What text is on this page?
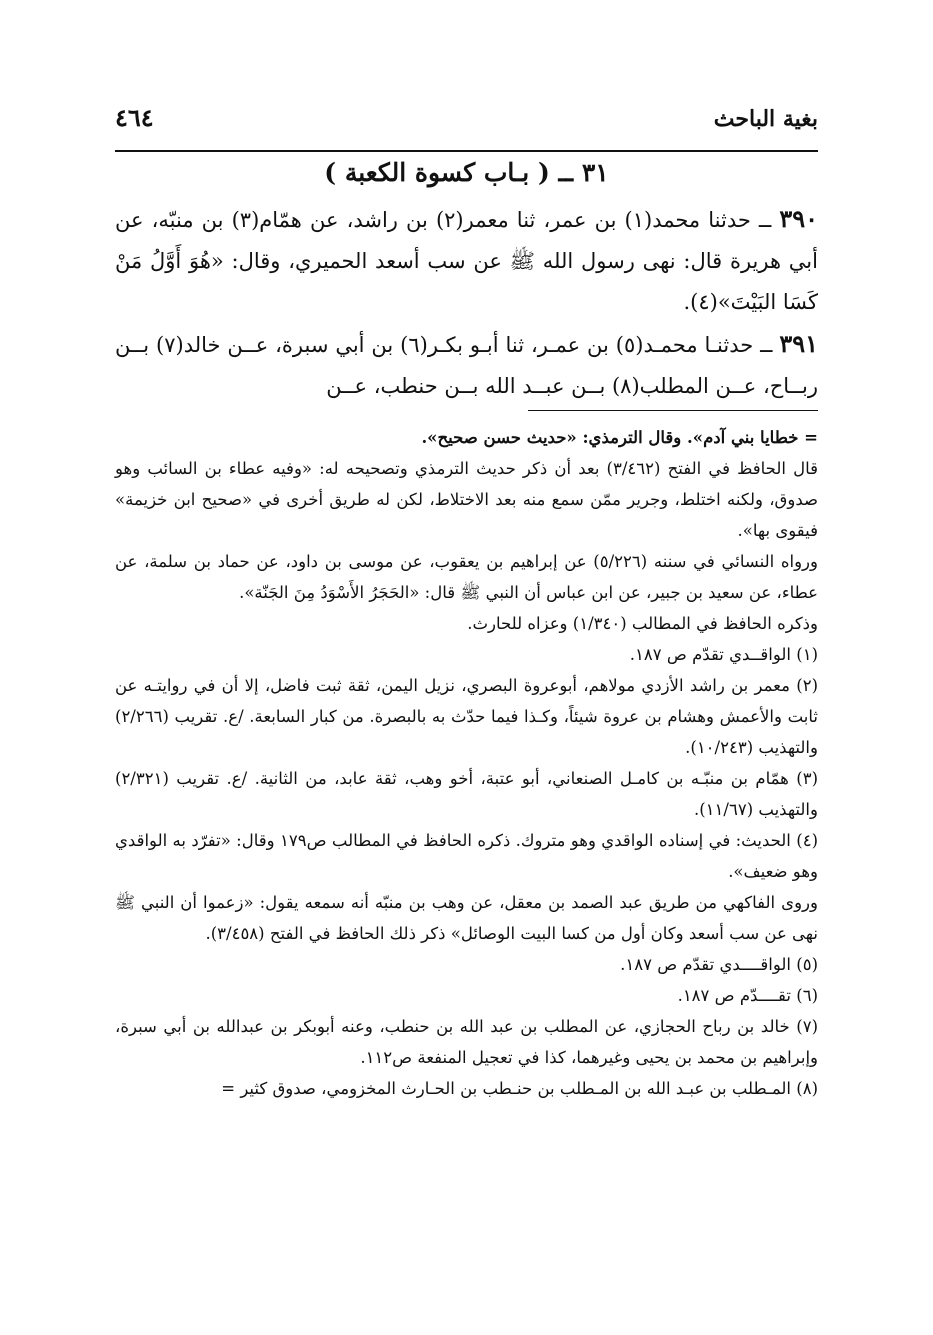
بغية الباحث
٤٦٤
٣١ ــ ( بـاب كسوة الكعبة )

٣٩٠ ــ حدثنا محمد(١) بن عمر، ثنا معمر(٢) بن راشد، عن همّام(٣) بن منبّه، عن أبي هريرة قال: نهى رسول الله ﷺ عن سب أسعد الحميري، وقال: «هُوَ أَوَّلُ مَنْ كَسَا البَيْتَ»(٤).

٣٩١ ــ حدثنـا محمـد(٥) بن عمـر، ثنا أبـو بكـر(٦) بن أبي سبرة، عــن خالد(٧) بــن ربــاح، عــن المطلب(٨) بــن عبــد الله بــن حنطب، عــن

= خطايا بني آدم». وقال الترمذي: «حديث حسن صحيح».

قال الحافظ في الفتح (٣/٤٦٢) بعد أن ذكر حديث الترمذي وتصحيحه له: «وفيه عطاء بن السائب وهو صدوق، ولكنه اختلط، وجرير ممّن سمع منه بعد الاختلاط، لكن له طريق أخرى في «صحيح ابن خزيمة» فيقوى بها».

ورواه النسائي في سننه (٥/٢٢٦) عن إبراهيم بن يعقوب، عن موسى بن داود، عن حماد بن سلمة، عن عطاء، عن سعيد بن جبير، عن ابن عباس أن النبي ﷺ قال: «الحَجَرُ الأَسْوَدُ مِنَ الجَنّة».

وذكره الحافظ في المطالب (١/٣٤٠) وعزاه للحارث.

(١) الواقــدي تقدّم ص ١٨٧.

(٢) معمر بن راشد الأزدي مولاهم، أبوعروة البصري، نزيل اليمن، ثقة ثبت فاضل، إلا أن في روايتـه عن ثابت والأعمش وهشام بن عروة شيئاً، وكـذا فيما حدّث به بالبصرة. من كبار السابعة. /ع. تقريب (٢/٢٦٦) والتهذيب (١٠/٢٤٣).

(٣) همّام بن منبّـه بن كامـل الصنعاني، أبو عتبة، أخو وهب، ثقة عابد، من الثانية. /ع. تقريب (٢/٣٢١) والتهذيب (١١/٦٧).

(٤) الحديث: في إسناده الواقدي وهو متروك. ذكره الحافظ في المطالب ص١٧٩ وقال: «تفرّد به الواقدي وهو ضعيف».

وروى الفاكهي من طريق عبد الصمد بن معقل، عن وهب بن منبّه أنه سمعه يقول: «زعموا أن النبي ﷺ نهى عن سب أسعد وكان أول من كسا البيت الوصائل» ذكر ذلك الحافظ في الفتح (٣/٤٥٨).

(٥) الواقــــدي تقدّم ص ١٨٧.

(٦) تقــــدّم ص ١٨٧.

(٧) خالد بن رباح الحجازي، عن المطلب بن عبد الله بن حنطب، وعنه أبوبكر بن عبدالله بن أبي سبرة، وإبراهيم بن محمد بن يحيى وغيرهما، كذا في تعجيل المنفعة ص١١٢.

(٨) المـطلب بن عبـد الله بن المـطلب بن حنـطب بن الحـارث المخزومي، صدوق كثير =
